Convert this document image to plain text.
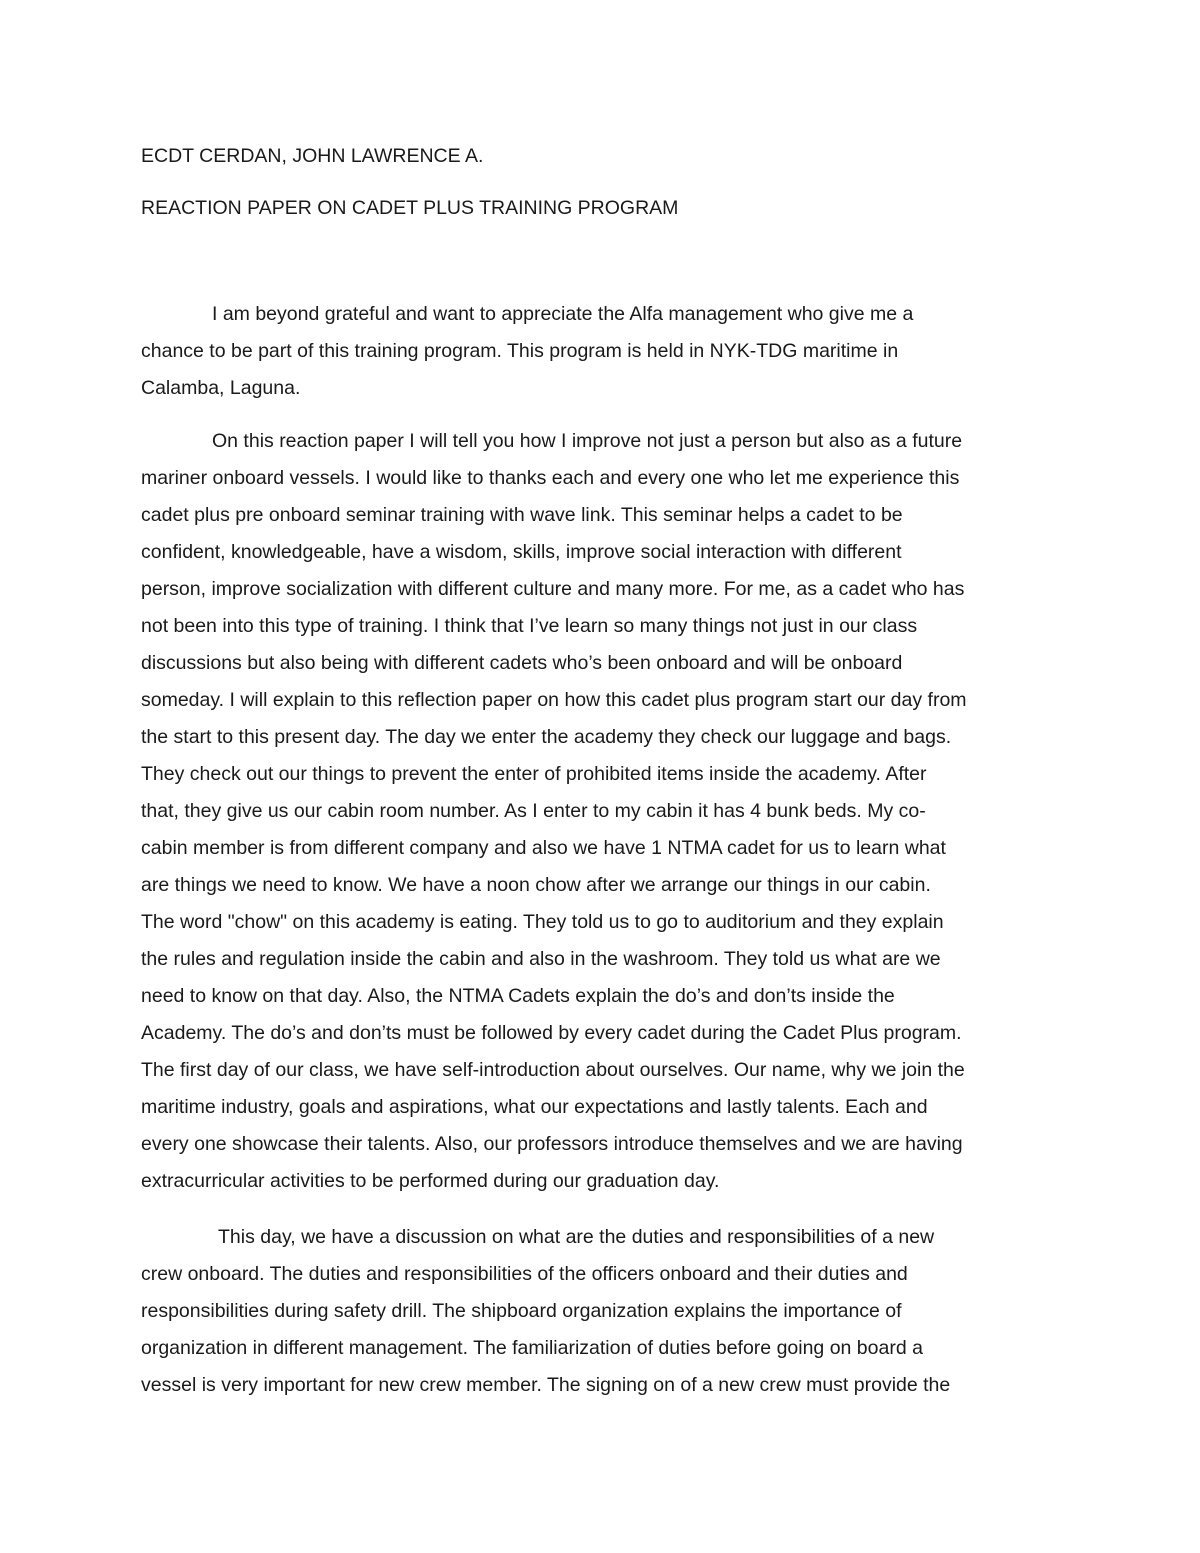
ECDT CERDAN, JOHN LAWRENCE A.
REACTION PAPER ON CADET PLUS TRAINING PROGRAM
I am beyond grateful and want to appreciate the Alfa management who give me a
chance to be part of this training program. This program is held in NYK-TDG maritime in
Calamba, Laguna.
On this reaction paper I will tell you how I improve not just a person but also as a future
mariner onboard vessels. I would like to thanks each and every one who let me experience this
cadet plus pre onboard seminar training with wave link. This seminar helps a cadet to be
confident, knowledgeable, have a wisdom, skills, improve social interaction with different
person, improve socialization with different culture and many more. For me, as a cadet who has
not been into this type of training. I think that I’ve learn so many things not just in our class
discussions but also being with different cadets who’s been onboard and will be onboard
someday. I will explain to this reflection paper on how this cadet plus program start our day from
the start to this present day. The day we enter the academy they check our luggage and bags.
They check out our things to prevent the enter of prohibited items inside the academy. After
that, they give us our cabin room number. As I enter to my cabin it has 4 bunk beds. My co-
cabin member is from different company and also we have 1 NTMA cadet for us to learn what
are things we need to know. We have a noon chow after we arrange our things in our cabin.
The word "chow" on this academy is eating. They told us to go to auditorium and they explain
the rules and regulation inside the cabin and also in the washroom. They told us what are we
need to know on that day. Also, the NTMA Cadets explain the do’s and don’ts inside the
Academy. The do’s and don’ts must be followed by every cadet during the Cadet Plus program.
The first day of our class, we have self-introduction about ourselves. Our name, why we join the
maritime industry, goals and aspirations, what our expectations and lastly talents. Each and
every one showcase their talents. Also, our professors introduce themselves and we are having
extracurricular activities to be performed during our graduation day.
This day, we have a discussion on what are the duties and responsibilities of a new
crew onboard. The duties and responsibilities of the officers onboard and their duties and
responsibilities during safety drill. The shipboard organization explains the importance of
organization in different management. The familiarization of duties before going on board a
vessel is very important for new crew member. The signing on of a new crew must provide the
